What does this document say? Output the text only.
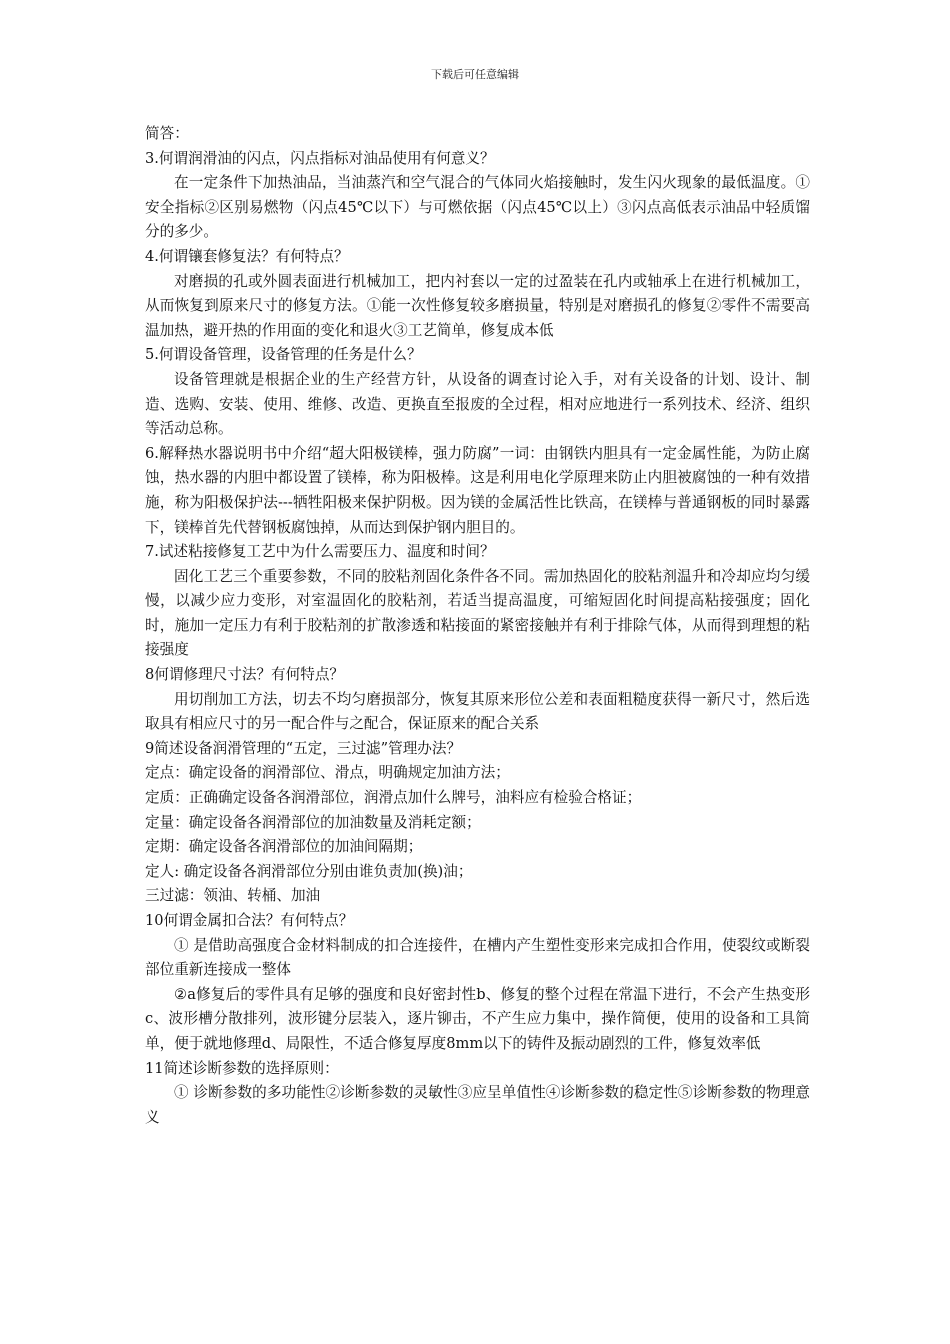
下载后可任意编辑

简答：

3.何谓润滑油的闪点，闪点指标对油品使用有何意义？

在一定条件下加热油品，当油蒸汽和空气混合的气体同火焰接触时，发生闪火现象的最低温度。①安全指标②区别易燃物（闪点45℃以下）与可燃依据（闪点45℃以上）③闪点高低表示油品中轻质馏分的多少。

4.何谓镶套修复法？有何特点？

对磨损的孔或外圆表面进行机械加工，把内衬套以一定的过盈装在孔内或轴承上在进行机械加工，从而恢复到原来尺寸的修复方法。①能一次性修复较多磨损量，特别是对磨损孔的修复②零件不需要高温加热，避开热的作用面的变化和退火③工艺简单，修复成本低

5.何谓设备管理，设备管理的任务是什么？

设备管理就是根据企业的生产经营方针，从设备的调查讨论入手，对有关设备的计划、设计、制造、选购、安装、使用、维修、改造、更换直至报废的全过程，相对应地进行一系列技术、经济、组织等活动总称。

6.解释热水器说明书中介绍“超大阳极镁棒，强力防腐”一词：由钢铁内胆具有一定金属性能，为防止腐蚀，热水器的内胆中都设置了镁棒，称为阳极棒。这是利用电化学原理来防止内胆被腐蚀的一种有效措施，称为阳极保护法---牺牲阳极来保护阴极。因为镁的金属活性比铁高，在镁棒与普通钢板的同时暴露下，镁棒首先代替钢板腐蚀掉，从而达到保护钢内胆目的。

7.试述粘接修复工艺中为什么需要压力、温度和时间？

固化工艺三个重要参数，不同的胶粘剂固化条件各不同。需加热固化的胶粘剂温升和冷却应均匀缓慢，以减少应力变形，对室温固化的胶粘剂，若适当提高温度，可缩短固化时间提高粘接强度；固化时，施加一定压力有利于胶粘剂的扩散渗透和粘接面的紧密接触并有利于排除气体，从而得到理想的粘接强度

8何谓修理尺寸法？有何特点？

用切削加工方法，切去不均匀磨损部分，恢复其原来形位公差和表面粗糙度获得一新尺寸，然后选取具有相应尺寸的另一配合件与之配合，保证原来的配合关系

9简述设备润滑管理的“五定，三过滤”管理办法？

定点：确定设备的润滑部位、滑点，明确规定加油方法；

定质：正确确定设备各润滑部位，润滑点加什么牌号，油料应有检验合格证；

定量：确定设备各润滑部位的加油数量及消耗定额；

定期：确定设备各润滑部位的加油间隔期；

定人: 确定设备各润滑部位分别由谁负责加(换)油；

三过滤：领油、转桶、加油

10何谓金属扣合法？有何特点？

① 是借助高强度合金材料制成的扣合连接件，在槽内产生塑性变形来完成扣合作用，使裂纹或断裂部位重新连接成一整体

②a修复后的零件具有足够的强度和良好密封性b、修复的整个过程在常温下进行，不会产生热变形c、波形槽分散排列，波形键分层装入，逐片铆击，不产生应力集中，操作简便，使用的设备和工具简单，便于就地修理d、局限性，不适合修复厚度8mm以下的铸件及振动剧烈的工件，修复效率低

11简述诊断参数的选择原则：

① 诊断参数的多功能性②诊断参数的灵敏性③应呈单值性④诊断参数的稳定性⑤诊断参数的物理意义
